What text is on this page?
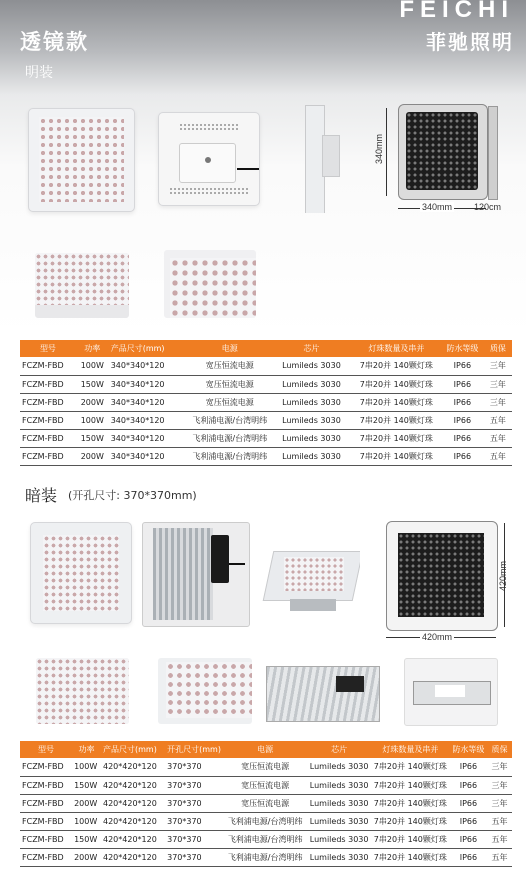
透镜款
明装
FEICHI
菲驰照明
340mm
340mm 120cm
型号	功率	产品尺寸(mm)	电源	芯片	灯珠数量及串并	防水等级	质保
FCZM-FBD	100W	340*340*120	宽压恒流电源	Lumileds 3030	7串20并 140颗灯珠	IP66	三年
FCZM-FBD	150W	340*340*120	宽压恒流电源	Lumileds 3030	7串20并 140颗灯珠	IP66	三年
FCZM-FBD	200W	340*340*120	宽压恒流电源	Lumileds 3030	7串20并 140颗灯珠	IP66	三年
FCZM-FBD	100W	340*340*120	飞利浦电源/台湾明纬	Lumileds 3030	7串20并 140颗灯珠	IP66	五年
FCZM-FBD	150W	340*340*120	飞利浦电源/台湾明纬	Lumileds 3030	7串20并 140颗灯珠	IP66	五年
FCZM-FBD	200W	340*340*120	飞利浦电源/台湾明纬	Lumileds 3030	7串20并 140颗灯珠	IP66	五年
暗装 (开孔尺寸: 370*370mm)
420mm
420mm
型号	功率	产品尺寸(mm)	开孔尺寸(mm)	电源	芯片	灯珠数量及串并	防水等级	质保
FCZM-FBD	100W	420*420*120	370*370	宽压恒流电源	Lumileds 3030	7串20并 140颗灯珠	IP66	三年
FCZM-FBD	150W	420*420*120	370*370	宽压恒流电源	Lumileds 3030	7串20并 140颗灯珠	IP66	三年
FCZM-FBD	200W	420*420*120	370*370	宽压恒流电源	Lumileds 3030	7串20并 140颗灯珠	IP66	三年
FCZM-FBD	100W	420*420*120	370*370	飞利浦电源/台湾明纬	Lumileds 3030	7串20并 140颗灯珠	IP66	五年
FCZM-FBD	150W	420*420*120	370*370	飞利浦电源/台湾明纬	Lumileds 3030	7串20并 140颗灯珠	IP66	五年
FCZM-FBD	200W	420*420*120	370*370	飞利浦电源/台湾明纬	Lumileds 3030	7串20并 140颗灯珠	IP66	五年
